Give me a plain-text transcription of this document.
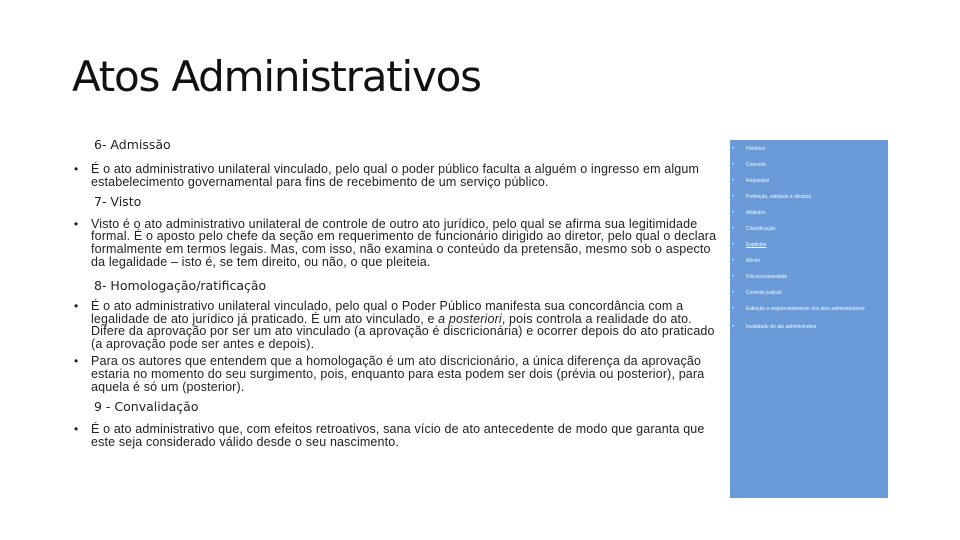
Atos Administrativos
6- Admissão
• É o ato administrativo unilateral vinculado, pelo qual o poder público faculta a alguém o ingresso em algum estabelecimento governamental para fins de recebimento de um serviço público.
7- Visto
• Visto é o ato administrativo unilateral de controle de outro ato jurídico, pelo qual se afirma sua legitimidade formal. É o aposto pelo chefe da seção em requerimento de funcionário dirigido ao diretor, pelo qual o declara formalmente em termos legais. Mas, com isso, não examina o conteúdo da pretensão, mesmo sob o aspecto da legalidade – isto é, se tem direito, ou não, o que pleiteia.
8- Homologação/ratificação
• É o ato administrativo unilateral vinculado, pelo qual o Poder Público manifesta sua concordância com a legalidade de ato jurídico já praticado. É um ato vinculado, e a posteriori, pois controla a realidade do ato. Difere da aprovação por ser um ato vinculado (a aprovação é discricionária) e ocorrer depois do ato praticado (a aprovação pode ser antes e depois).
• Para os autores que entendem que a homologação é um ato discricionário, a única diferença da aprovação estaria no momento do seu surgimento, pois, enquanto para esta podem ser dois (prévia ou posterior), para aquela é só um (posterior).
9 - Convalidação
• É o ato administrativo que, com efeitos retroativos, sana vício de ato antecedente de modo que garanta que este seja considerado válido desde o seu nascimento.
• Histórico
• Conceito
• Requisitos
• Perfeição, validade e eficácia
• Atributos
• Classificação
• Espécies
• Mérito
• Discricionariedade
• Controle judicial
• Extinção e reaproveitamento dos atos administrativos
• Invalidade do ato administrativo
